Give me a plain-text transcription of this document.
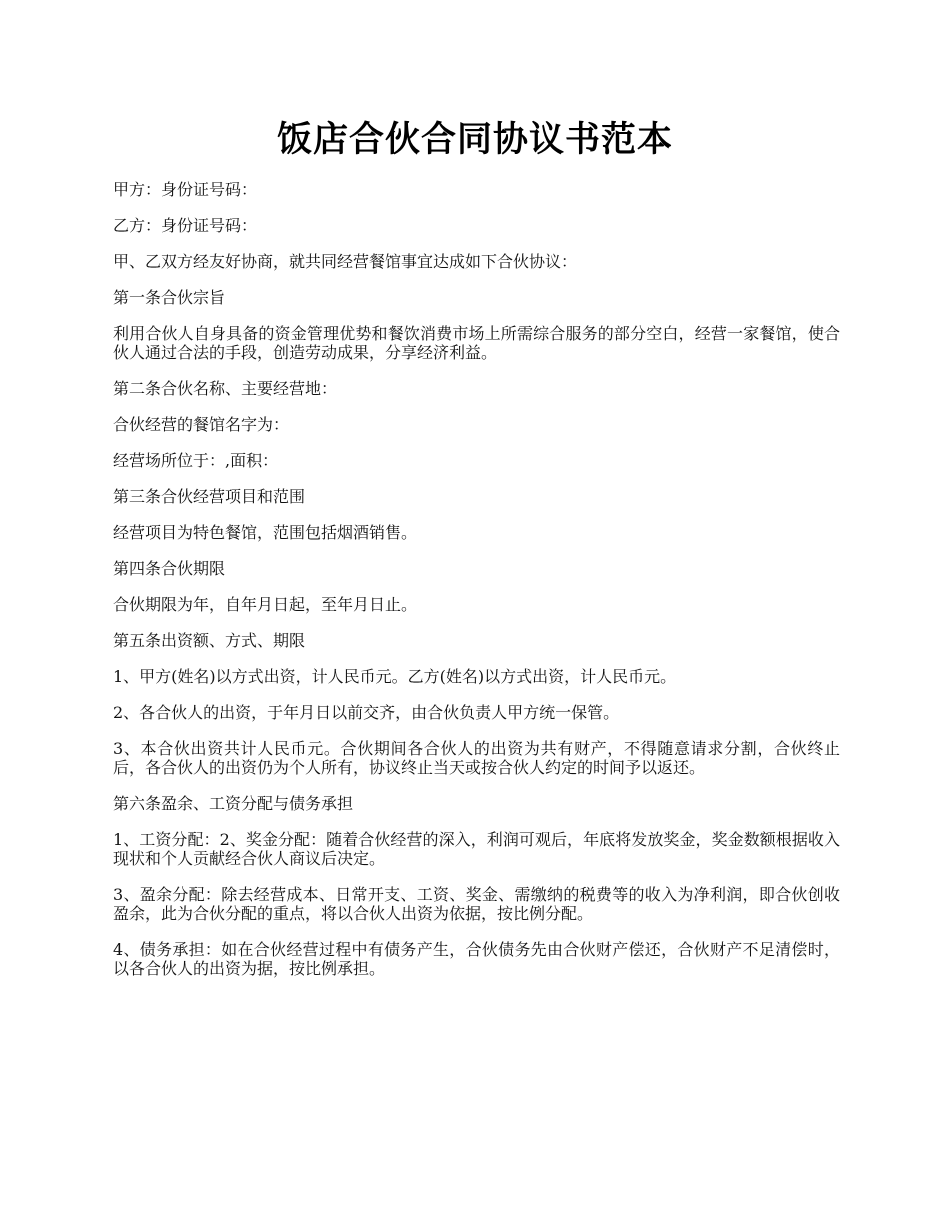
饭店合伙合同协议书范本

甲方：身份证号码：

乙方：身份证号码：

甲、乙双方经友好协商，就共同经营餐馆事宜达成如下合伙协议：

第一条合伙宗旨

利用合伙人自身具备的资金管理优势和餐饮消费市场上所需综合服务的部分空白，经营一家餐馆，使合伙人通过合法的手段，创造劳动成果，分享经济利益。

第二条合伙名称、主要经营地：

合伙经营的餐馆名字为：

经营场所位于：,面积：

第三条合伙经营项目和范围

经营项目为特色餐馆，范围包括烟酒销售。

第四条合伙期限

合伙期限为年，自年月日起，至年月日止。

第五条出资额、方式、期限

1、甲方(姓名)以方式出资，计人民币元。乙方(姓名)以方式出资，计人民币元。

2、各合伙人的出资，于年月日以前交齐，由合伙负责人甲方统一保管。

3、本合伙出资共计人民币元。合伙期间各合伙人的出资为共有财产，不得随意请求分割，合伙终止后，各合伙人的出资仍为个人所有，协议终止当天或按合伙人约定的时间予以返还。

第六条盈余、工资分配与债务承担

1、工资分配：2、奖金分配：随着合伙经营的深入，利润可观后，年底将发放奖金，奖金数额根据收入现状和个人贡献经合伙人商议后决定。

3、盈余分配：除去经营成本、日常开支、工资、奖金、需缴纳的税费等的收入为净利润，即合伙创收盈余，此为合伙分配的重点，将以合伙人出资为依据，按比例分配。

4、债务承担：如在合伙经营过程中有债务产生，合伙债务先由合伙财产偿还，合伙财产不足清偿时，以各合伙人的出资为据，按比例承担。
